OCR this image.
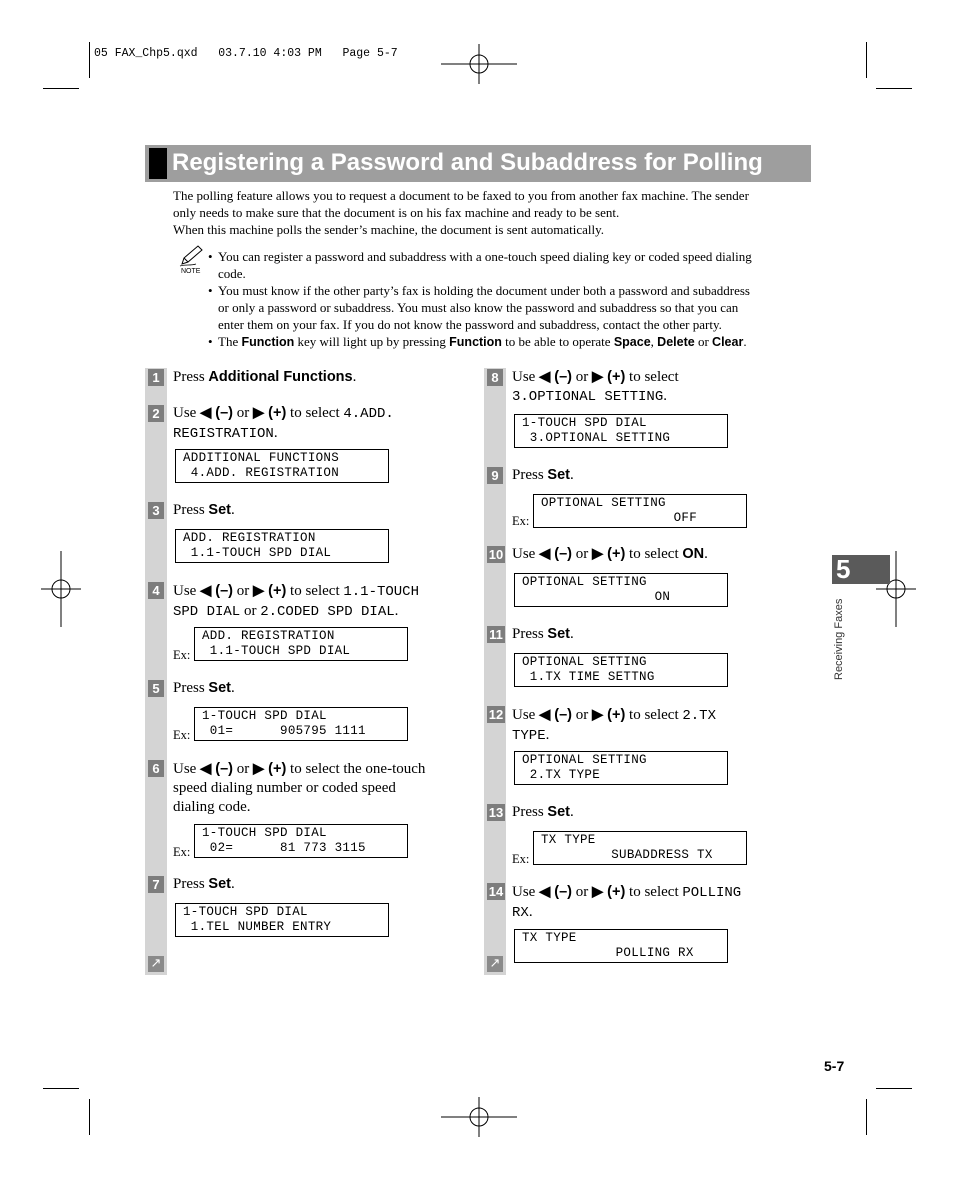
05 FAX_Chp5.qxd   03.7.10 4:03 PM   Page 5-7
Registering a Password and Subaddress for Polling
The polling feature allows you to request a document to be faxed to you from another fax machine. The sender
only needs to make sure that the document is on his fax machine and ready to be sent.
When this machine polls the sender’s machine, the document is sent automatically.
NOTE
• You can register a password and subaddress with a one-touch speed dialing key or coded speed dialing
code.
• You must know if the other party’s fax is holding the document under both a password and subaddress
or only a password or subaddress. You must also know the password and subaddress so that you can
enter them on your fax. If you do not know the password and subaddress, contact the other party.
• The Function key will light up by pressing Function to be able to operate Space, Delete or Clear.
1 Press Additional Functions.
2 Use ◀ (–) or ▶ (+) to select 4.ADD.
REGISTRATION.
ADDITIONAL FUNCTIONS
4.ADD. REGISTRATION
3 Press Set.
ADD. REGISTRATION
1.1-TOUCH SPD DIAL
4 Use ◀ (–) or ▶ (+) to select 1.1-TOUCH
SPD DIAL or 2.CODED SPD DIAL.
Ex:
ADD. REGISTRATION
1.1-TOUCH SPD DIAL
5 Press Set.
Ex:
1-TOUCH SPD DIAL
01=      905795 1111
6 Use ◀ (–) or ▶ (+) to select the one-touch
speed dialing number or coded speed
dialing code.
Ex:
1-TOUCH SPD DIAL
02=      81 773 3115
7 Press Set.
1-TOUCH SPD DIAL
1.TEL NUMBER ENTRY
↗
8 Use ◀ (–) or ▶ (+) to select
3.OPTIONAL SETTING.
1-TOUCH SPD DIAL
3.OPTIONAL SETTING
9 Press Set.
Ex:
OPTIONAL SETTING
OFF
10 Use ◀ (–) or ▶ (+) to select ON.
OPTIONAL SETTING
ON
11 Press Set.
OPTIONAL SETTING
1.TX TIME SETTNG
12 Use ◀ (–) or ▶ (+) to select 2.TX
TYPE.
OPTIONAL SETTING
2.TX TYPE
13 Press Set.
Ex:
TX TYPE
SUBADDRESS TX
14 Use ◀ (–) or ▶ (+) to select POLLING
RX.
TX TYPE
POLLING RX
↗
5
Receiving Faxes
5-7
